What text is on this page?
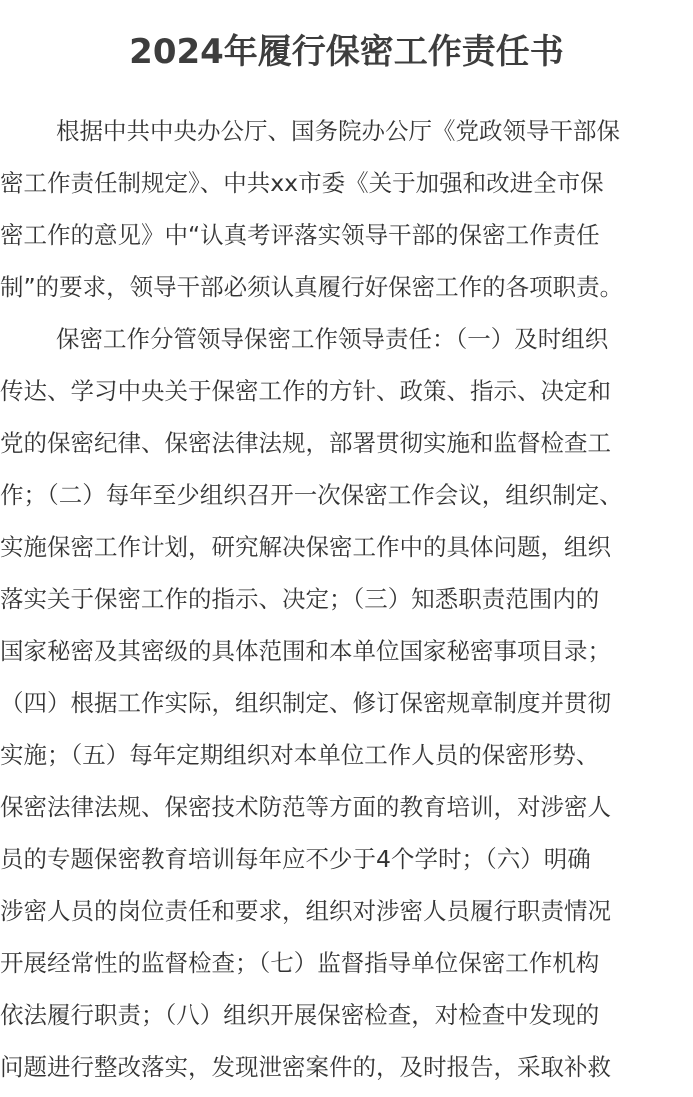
2024年履行保密工作责任书
根据中共中央办公厅、国务院办公厅《党政领导干部保
密工作责任制规定》、中共xx市委《关于加强和改进全市保
密工作的意见》中“认真考评落实领导干部的保密工作责任
制”的要求，领导干部必须认真履行好保密工作的各项职责。
保密工作分管领导保密工作领导责任：（一）及时组织
传达、学习中央关于保密工作的方针、政策、指示、决定和
党的保密纪律、保密法律法规，部署贯彻实施和监督检查工
作；（二）每年至少组织召开一次保密工作会议，组织制定、
实施保密工作计划，研究解决保密工作中的具体问题，组织
落实关于保密工作的指示、决定；（三）知悉职责范围内的
国家秘密及其密级的具体范围和本单位国家秘密事项目录；
（四）根据工作实际，组织制定、修订保密规章制度并贯彻
实施；（五）每年定期组织对本单位工作人员的保密形势、
保密法律法规、保密技术防范等方面的教育培训，对涉密人
员的专题保密教育培训每年应不少于4个学时；（六）明确
涉密人员的岗位责任和要求，组织对涉密人员履行职责情况
开展经常性的监督检查；（七）监督指导单位保密工作机构
依法履行职责；（八）组织开展保密检查，对检查中发现的
问题进行整改落实，发现泄密案件的，及时报告，采取补救
